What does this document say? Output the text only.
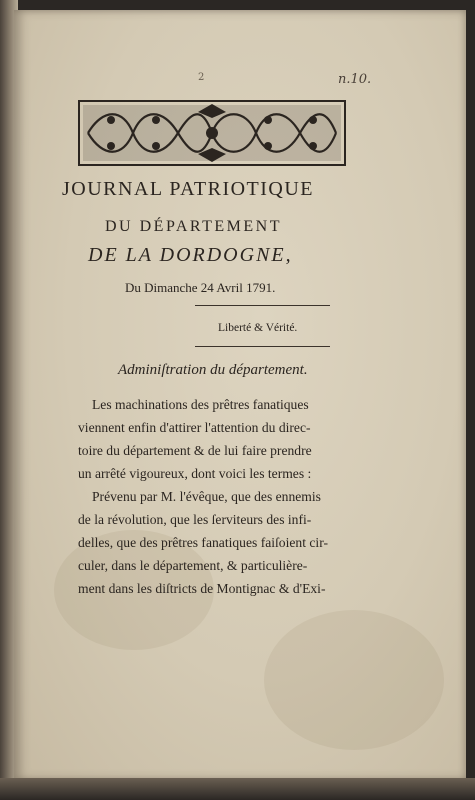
2	n.10.
JOURNAL PATRIOTIQUE
DU DÉPARTEMENT
DE LA DORDOGNE,
Du Dimanche 24 Avril 1791.
Liberté & Vérité.
Adminiſtration du département.
Les machinations des prêtres fanatiques
viennent enfin d'attirer l'attention du direc-
toire du département & de lui faire prendre
un arrêté vigoureux, dont voici les termes :
Prévenu par M. l'évêque, que des ennemis
de la révolution, que les ſerviteurs des infi-
delles, que des prêtres fanatiques faiſoient cir-
culer, dans le département, & particulière-
ment dans les diſtricts de Montignac & d'Exi-
